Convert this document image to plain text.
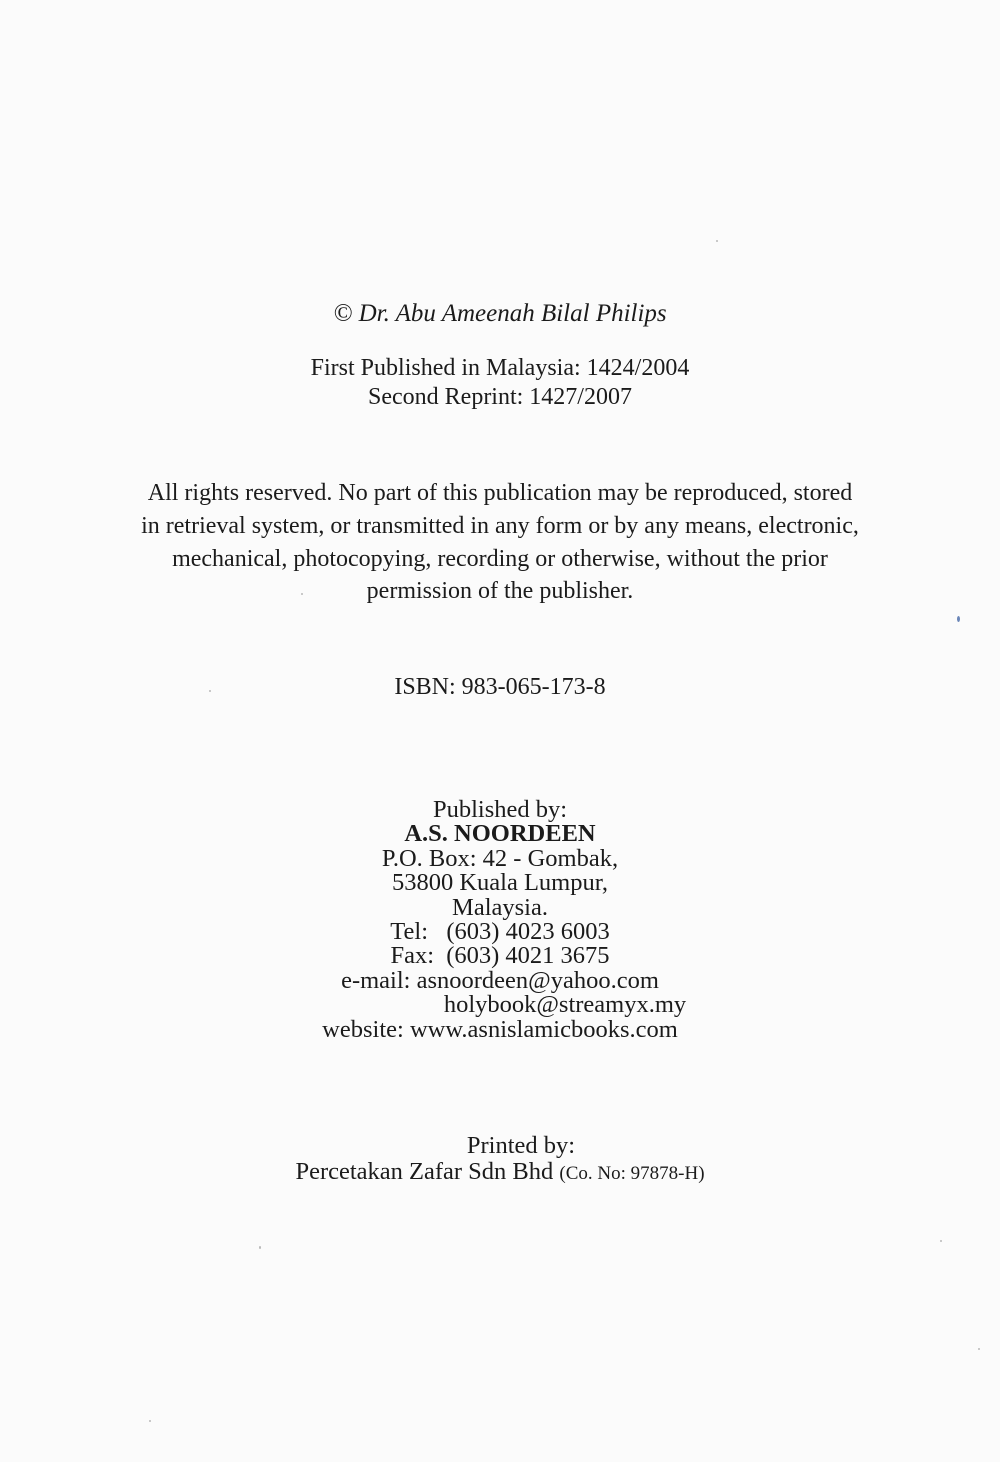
© Dr. Abu Ameenah Bilal Philips
First Published in Malaysia: 1424/2004
Second Reprint: 1427/2007
All rights reserved. No part of this publication may be reproduced, stored
in retrieval system, or transmitted in any form or by any means, electronic,
mechanical, photocopying, recording or otherwise, without the prior
permission of the publisher.
ISBN: 983-065-173-8
Published by:
A.S. NOORDEEN
P.O. Box: 42 - Gombak,
53800 Kuala Lumpur,
Malaysia.
Tel:   (603) 4023 6003
Fax:  (603) 4021 3675
e-mail: asnoordeen@yahoo.com
holybook@streamyx.my
website: www.asnislamicbooks.com
Printed by:
Percetakan Zafar Sdn Bhd (Co. No: 97878-H)
